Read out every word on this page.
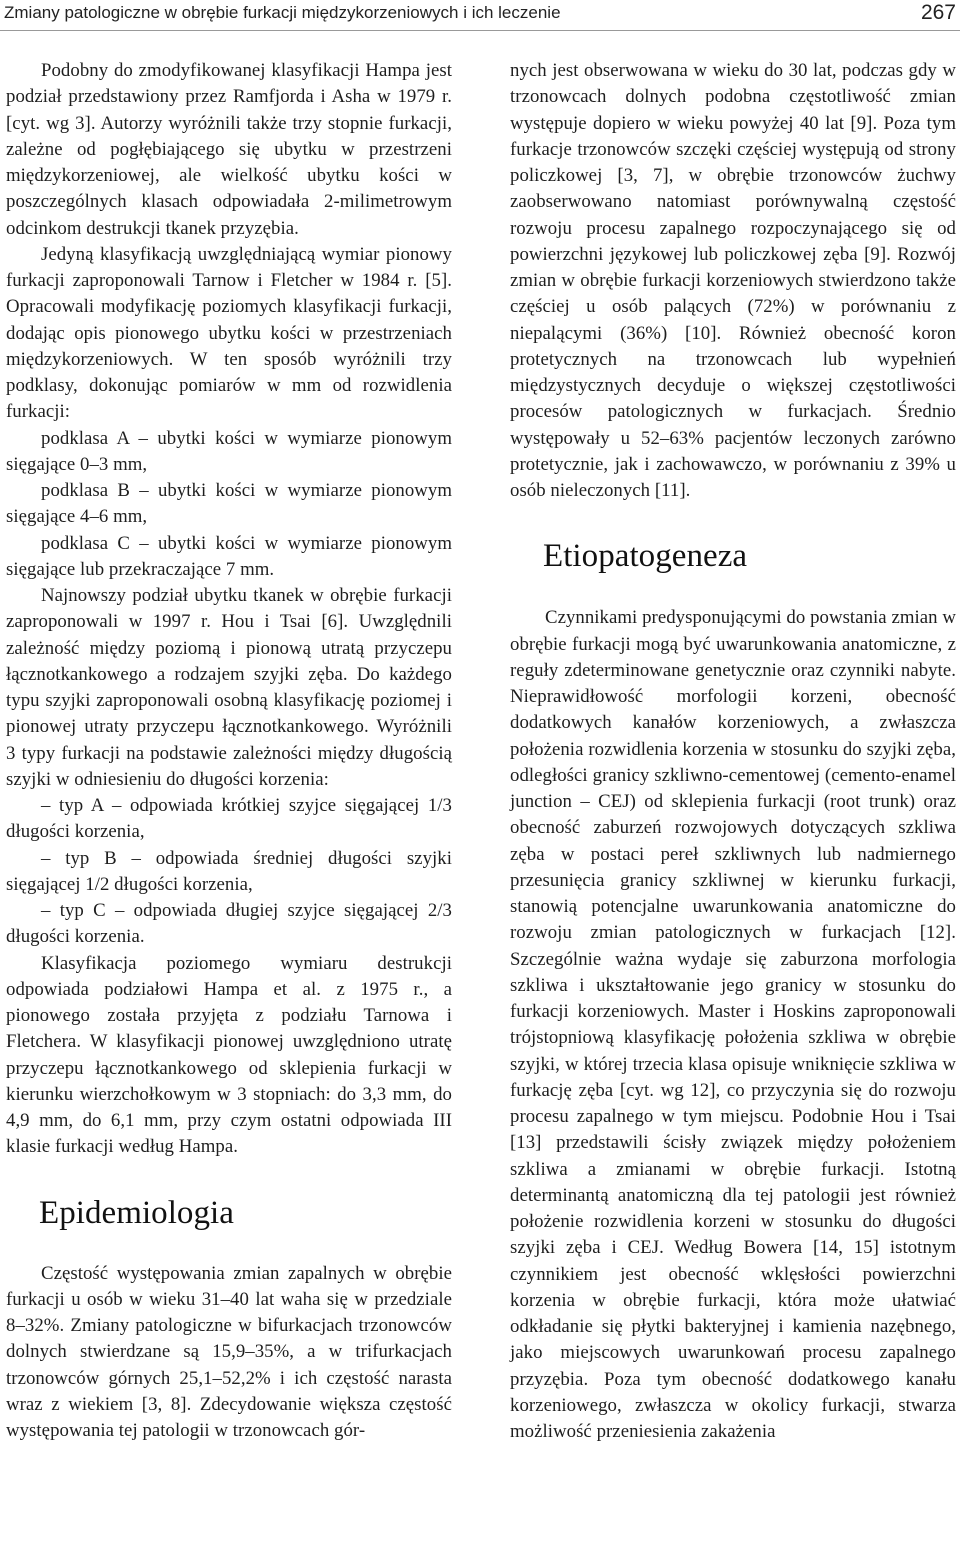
Zmiany patologiczne w obrębie furkacji międzykorzeniowych i ich leczenie	267

Podobny do zmodyfikowanej klasyfikacji Hampa jest podział przedstawiony przez Ramfjorda i Asha w 1979 r. [cyt. wg 3]. Autorzy wyróżnili także trzy stopnie furkacji, zależne od pogłębiającego się ubytku w przestrzeni międzykorzeniowej, ale wielkość ubytku kości w poszczególnych klasach odpowiadała 2-milimetrowym odcinkom destrukcji tkanek przyzębia.

Jedyną klasyfikacją uwzględniającą wymiar pionowy furkacji zaproponowali Tarnow i Fletcher w 1984 r. [5]. Opracowali modyfikację poziomych klasyfikacji furkacji, dodając opis pionowego ubytku kości w przestrzeniach międzykorzeniowych. W ten sposób wyróżnili trzy podklasy, dokonując pomiarów w mm od rozwidlenia furkacji:

podklasa A – ubytki kości w wymiarze pionowym sięgające 0–3 mm,

podklasa B – ubytki kości w wymiarze pionowym sięgające 4–6 mm,

podklasa C – ubytki kości w wymiarze pionowym sięgające lub przekraczające 7 mm.

Najnowszy podział ubytku tkanek w obrębie furkacji zaproponowali w 1997 r. Hou i Tsai [6]. Uwzględnili zależność między poziomą i pionową utratą przyczepu łącznotkankowego a rodzajem szyjki zęba. Do każdego typu szyjki zaproponowali osobną klasyfikację poziomej i pionowej utraty przyczepu łącznotkankowego. Wyróżnili 3 typy furkacji na podstawie zależności między długością szyjki w odniesieniu do długości korzenia:

– typ A – odpowiada krótkiej szyjce sięgającej 1/3 długości korzenia,

– typ B – odpowiada średniej długości szyjki sięgającej 1/2 długości korzenia,

– typ C – odpowiada długiej szyjce sięgającej 2/3 długości korzenia.

Klasyfikacja poziomego wymiaru destrukcji odpowiada podziałowi Hampa et al. z 1975 r., a pionowego została przyjęta z podziału Tarnowa i Fletchera. W klasyfikacji pionowej uwzględniono utratę przyczepu łącznotkankowego od sklepienia furkacji w kierunku wierzchołkowym w 3 stopniach: do 3,3 mm, do 4,9 mm, do 6,1 mm, przy czym ostatni odpowiada III klasie furkacji według Hampa.

Epidemiologia

Częstość występowania zmian zapalnych w obrębie furkacji u osób w wieku 31–40 lat waha się w przedziale 8–32%. Zmiany patologiczne w bifurkacjach trzonowców dolnych stwierdzane są 15,9–35%, a w trifurkacjach trzonowców górnych 25,1–52,2% i ich częstość narasta wraz z wiekiem [3, 8]. Zdecydowanie większa częstość występowania tej patologii w trzonowcach gór-

nych jest obserwowana w wieku do 30 lat, podczas gdy w trzonowcach dolnych podobna częstotliwość zmian występuje dopiero w wieku powyżej 40 lat [9]. Poza tym furkacje trzonowców szczęki częściej występują od strony policzkowej [3, 7], w obrębie trzonowców żuchwy zaobserwowano natomiast porównywalną częstość rozwoju procesu zapalnego rozpoczynającego się od powierzchni językowej lub policzkowej zęba [9]. Rozwój zmian w obrębie furkacji korzeniowych stwierdzono także częściej u osób palących (72%) w porównaniu z niepalącymi (36%) [10]. Również obecność koron protetycznych na trzonowcach lub wypełnień międzystycznych decyduje o większej częstotliwości procesów patologicznych w furkacjach. Średnio występowały u 52–63% pacjentów leczonych zarówno protetycznie, jak i zachowawczo, w porównaniu z 39% u osób nieleczonych [11].

Etiopatogeneza

Czynnikami predysponującymi do powstania zmian w obrębie furkacji mogą być uwarunkowania anatomiczne, z reguły zdeterminowane genetycznie oraz czynniki nabyte. Nieprawidłowość morfologii korzeni, obecność dodatkowych kanałów korzeniowych, a zwłaszcza położenia rozwidlenia korzenia w stosunku do szyjki zęba, odległości granicy szkliwno-cementowej (cemento-enamel junction – CEJ) od sklepienia furkacji (root trunk) oraz obecność zaburzeń rozwojowych dotyczących szkliwa zęba w postaci pereł szkliwnych lub nadmiernego przesunięcia granicy szkliwnej w kierunku furkacji, stanowią potencjalne uwarunkowania anatomiczne do rozwoju zmian patologicznych w furkacjach [12]. Szczególnie ważna wydaje się zaburzona morfologia szkliwa i ukształtowanie jego granicy w stosunku do furkacji korzeniowych. Master i Hoskins zaproponowali trójstopniową klasyfikację położenia szkliwa w obrębie szyjki, w której trzecia klasa opisuje wniknięcie szkliwa w furkację zęba [cyt. wg 12], co przyczynia się do rozwoju procesu zapalnego w tym miejscu. Podobnie Hou i Tsai [13] przedstawili ścisły związek między położeniem szkliwa a zmianami w obrębie furkacji. Istotną determinantą anatomiczną dla tej patologii jest również położenie rozwidlenia korzeni w stosunku do długości szyjki zęba i CEJ. Według Bowera [14, 15] istotnym czynnikiem jest obecność wklęsłości powierzchni korzenia w obrębie furkacji, która może ułatwiać odkładanie się płytki bakteryjnej i kamienia nazębnego, jako miejscowych uwarunkowań procesu zapalnego przyzębia. Poza tym obecność dodatkowego kanału korzeniowego, zwłaszcza w okolicy furkacji, stwarza możliwość przeniesienia zakażenia
